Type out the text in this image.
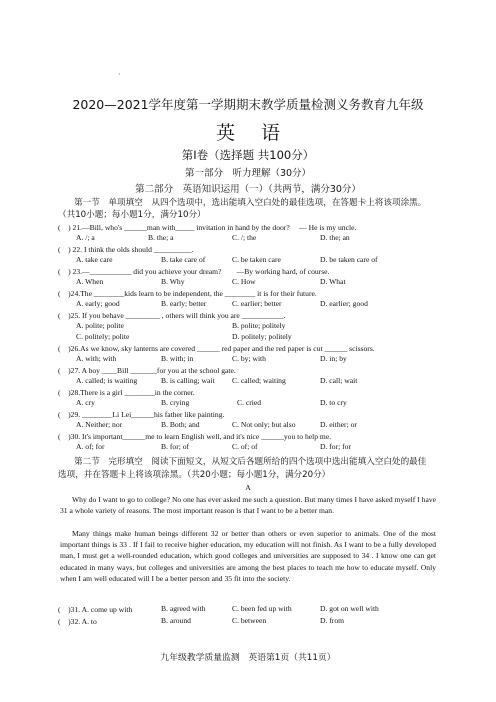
·
2020—2021学年度第一学期期末教学质量检测义务教育九年级
英语
第Ⅰ卷（选择题 共100分）
第一部分　听力理解（30分）
第二部分　英语知识运用（一）（共两节，满分30分）
第一节　单项填空　从四个选项中，选出能填入空白处的最佳选项，在答题卡上将该项涂黑。
（共10小题；每小题1分，满分10分）
(　) 21.—Bill, who's ______man with_____ invitation in hand by the door?　 — He is my uncle.
A. /; a	B. the; a	C. /; the	D. the; an
(　) 22. I think the olds should __________.
A. take care	B. take care of	C. be taken care	D. be taken care of
(　) 23.—___________ did you achieve your dream?　　—By working hard, of course.
A. When	B. Why	C. How	D. What
(　)24.The ________kids learn to be independent, the ________ it is for their future.
A. early; good	B. early; better	C. earlier; better	D. earlier; good
(　)25. If you behave _________ , others will think you are ___________.
A. polite; polite	B. polite; politely
C. politely; polite	D. politely; politely
(　)26.As we know, sky lanterns are covered ______ red paper and the red paper is cut ______ scissors.
A. with; with	B. with; in	C. by; with	D. in; by
(　)27. A boy ____Bill _______for you at the school gate.
A. called; is waiting	B. is calling; wait C. called; waiting	D. call; wait
(　)28.There is a girl ________in the corner.
A. cry	B. crying	C. cried	D. to cry
(　)29. ________Li Lei______his father like painting.
A. Neither; nor	B. Both; and	C. Not only; but also	D. either; or
(　)30. It's important______me to learn English well, and it's nice ______you to help me.
A. of; for	B. for; of	C. of; of	D. for; for
第二节　完形填空　阅读下面短文，从短文后各题所给的四个选项中选出能填入空白处的最佳
选项，并在答题卡上将该项涂黑。（共20小题；每小题1分，满分20分）
A
Why do I want to go to college? No one has ever asked me such a question. But many times I have asked myself I have 31 a whole variety of reasons. The most important reason is that I want to be a better man.
Many things make human beings different 32 or better than others or even superior to animals. One of the most important things is 33 . If I fail to receive higher education, my education will not finish. As I want to be a fully developed man, I must get a well-rounded education, which good colleges and universities are supposed to 34 . I know one can get educated in many ways, but colleges and universities are among the best places to teach me how to educate myself. Only when I am well educated will I be a better person and 35 fit into the society.
(　)31. A. come up with	B. agreed with	C. been fed up with	D. got on well with
(　)32. A. to	B. around	C. between	D. from
九年级教学质量监测　英语第1页（共11页）
